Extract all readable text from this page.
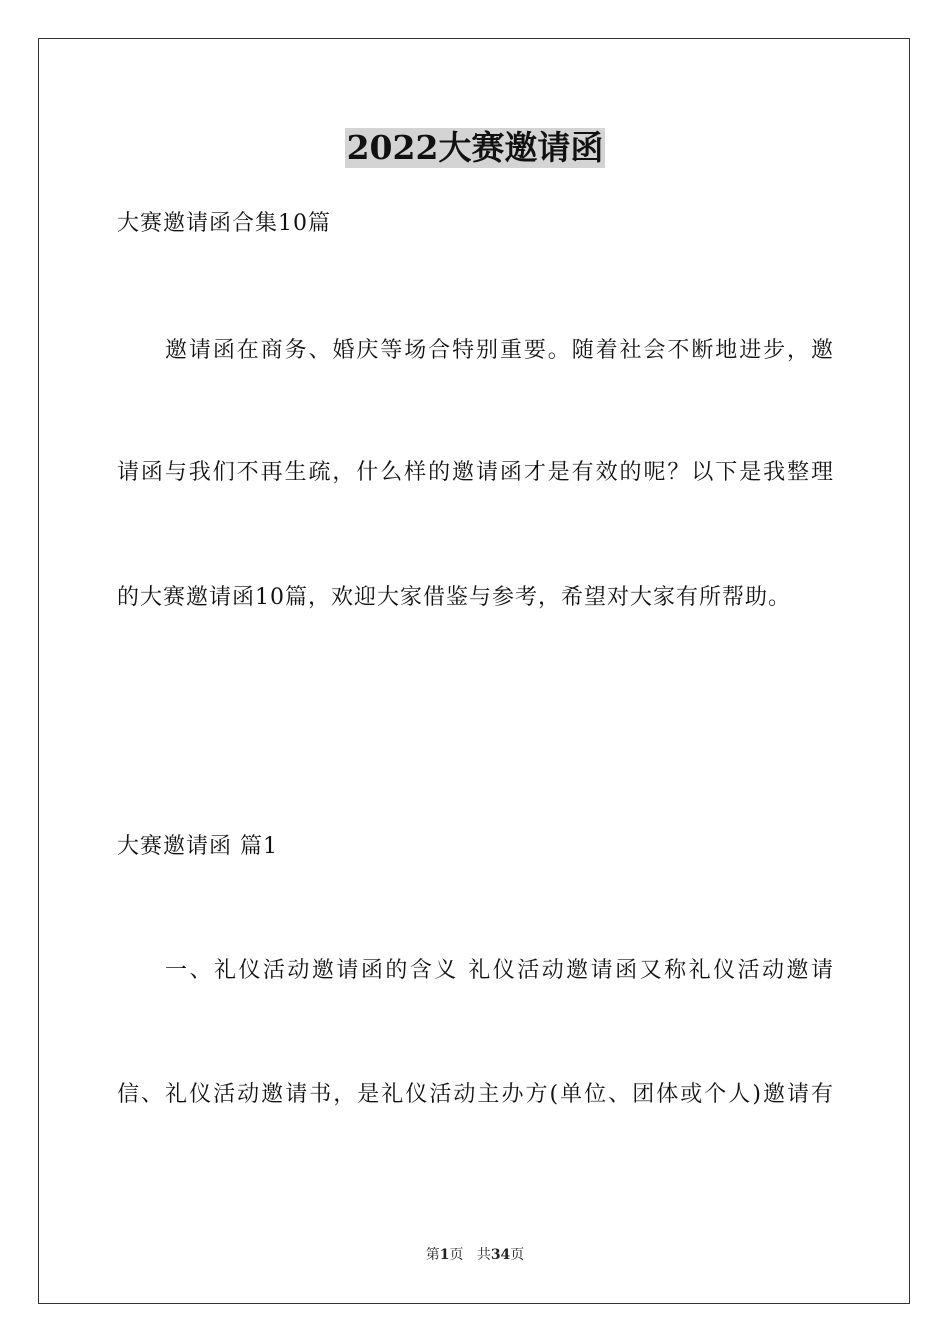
2022大赛邀请函
大赛邀请函合集10篇
邀请函在商务、婚庆等场合特别重要。随着社会不断地进步，邀
请函与我们不再生疏，什么样的邀请函才是有效的呢？以下是我整理
的大赛邀请函10篇，欢迎大家借鉴与参考，希望对大家有所帮助。
大赛邀请函 篇1
一、礼仪活动邀请函的含义 礼仪活动邀请函又称礼仪活动邀请
信、礼仪活动邀请书，是礼仪活动主办方(单位、团体或个人)邀请有
第1页 共34页
